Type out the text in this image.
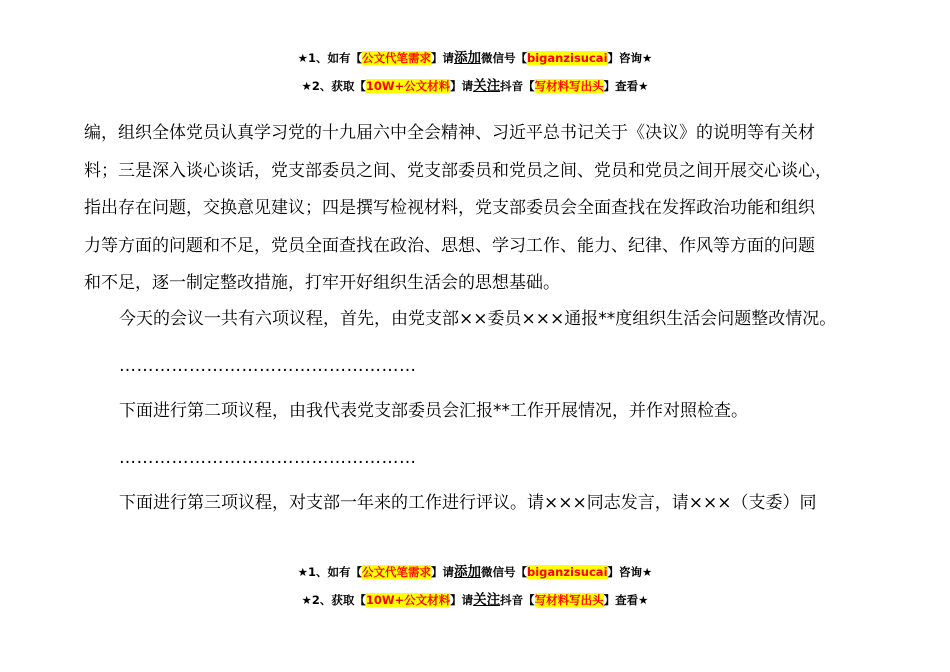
★1、如有【公文代笔需求】请添加微信号【biganzisucai】咨询★
★2、获取【10W+公文材料】请关注抖音【写材料写出头】查看★
编，组织全体党员认真学习党的十九届六中全会精神、习近平总书记关于《决议》的说明等有关材
料；三是深入谈心谈话，党支部委员之间、党支部委员和党员之间、党员和党员之间开展交心谈心，
指出存在问题，交换意见建议；四是撰写检视材料，党支部委员会全面查找在发挥政治功能和组织
力等方面的问题和不足，党员全面查找在政治、思想、学习工作、能力、纪律、作风等方面的问题
和不足，逐一制定整改措施，打牢开好组织生活会的思想基础。
今天的会议一共有六项议程，首先，由党支部××委员×××通报**度组织生活会问题整改情况。
……………………………………………
下面进行第二项议程，由我代表党支部委员会汇报**工作开展情况，并作对照检查。
……………………………………………
下面进行第三项议程，对支部一年来的工作进行评议。请×××同志发言，请×××（支委）同
★1、如有【公文代笔需求】请添加微信号【biganzisucai】咨询★
★2、获取【10W+公文材料】请关注抖音【写材料写出头】查看★
